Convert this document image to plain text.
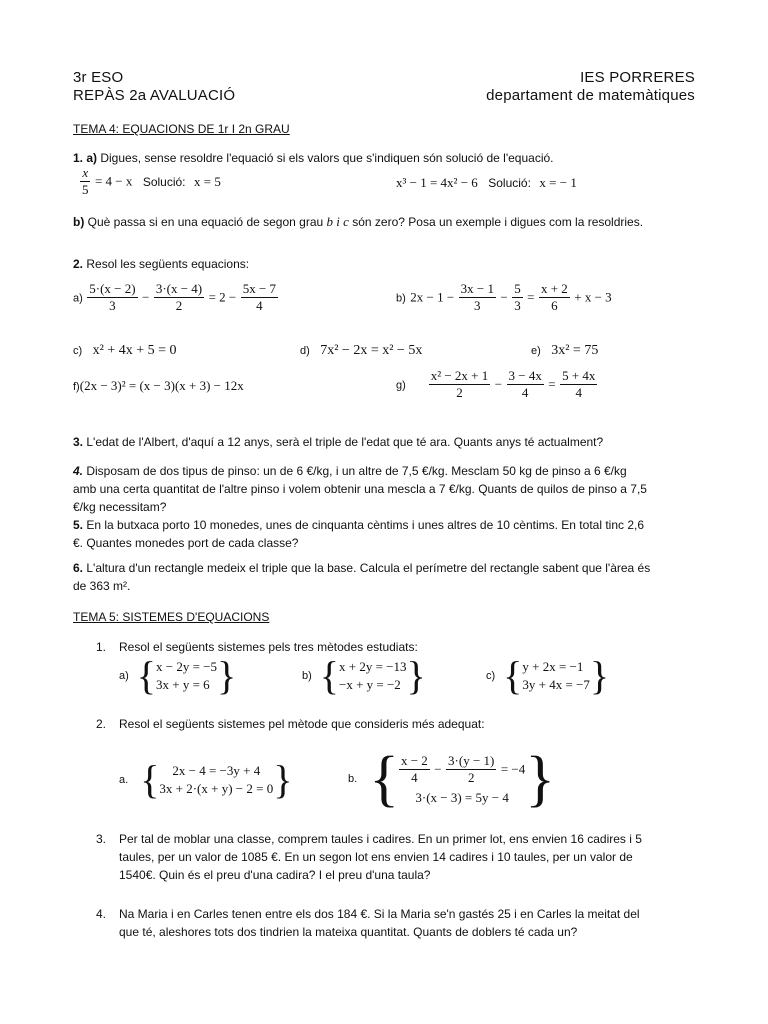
3r ESO
REPÀS 2a AVALUACIÓ
IES PORRERES
departament de matemàtiques
TEMA 4: EQUACIONS DE 1r I 2n GRAU
1. a) Digues, sense resoldre l'equació si els valors que s'indiquen són solució de l'equació.
$\frac{x}{5} = 4 - x$ Solució: x = 5	x³ − 1 = 4x² − 6 Solució: x = − 1
b) Què passa si en una equació de segon grau b i c són zero? Posa un exemple i digues com la resoldries.
2. Resol les següents equacions:
$a) \frac{5\cdot(x - 2)}{3} - \frac{3\cdot(x - 4)}{2} = 2 - \frac{5x - 7}{4}$	b) $2x - 1 - \frac{3x - 1}{3} - \frac{5}{3} = \frac{x + 2}{6} + x - 3$
c) x² + 4x + 5 = 0	d) 7x² − 2x = x² − 5x	e) 3x² = 75
f)(2x − 3)² = (x − 3)(x + 3) − 12x	$g) \frac{\text{x² − 2x + 1}}{2} - \frac{3 - 4x}{4} = \frac{5 + 4x}{4}$
3. L'edat de l'Albert, d'aquí a 12 anys, serà el triple de l'edat que té ara. Quants anys té actualment?
4. Disposam de dos tipus de pinso: un de 6 €/kg, i un altre de 7,5 €/kg. Mesclam 50 kg de pinso a 6 €/kg
amb una certa quantitat de l'altre pinso i volem obtenir una mescla a 7 €/kg. Quants de quilos de pinso a 7,5
€/kg necessitam?
5. En la butxaca porto 10 monedes, unes de cinquanta cèntims i unes altres de 10 cèntims. En total tinc 2,6
€. Quantes monedes port de cada classe?
6. L'altura d'un rectangle medeix el triple que la base. Calcula el perímetre del rectangle sabent que l'àrea és
de 363 m².
TEMA 5: SISTEMES D'EQUACIONS
1. Resol el següents sistemes pels tres mètodes estudiats:
a) { x − 2y = −5
3x + y = 6 }	b) { x + 2y = −13
−x + y = −2 }	c) { y + 2x = −1
3y + 4x = −7 }
2. Resol el següents sistemes pel mètode que consideris més adequat:
a. { 2x − 4 = −3y + 4
3x + 2·(x + y) − 2 = 0 }	b. { $\frac{x - 2}{4} - \frac{3\cdot(y - 1)}{2} = -4$
3·(x − 3) = 5y − 4 }
3. Per tal de moblar una classe, comprem taules i cadires. En un primer lot, ens envien 16 cadires i 5
taules, per un valor de 1085 €. En un segon lot ens envien 14 cadires i 10 taules, per un valor de
1540€. Quin és el preu d'una cadira? I el preu d'una taula?
4. Na Maria i en Carles tenen entre els dos 184 €. Si la Maria se'n gastés 25 i en Carles la meitat del
que té, aleshores tots dos tindrien la mateixa quantitat. Quants de doblers té cada un?
